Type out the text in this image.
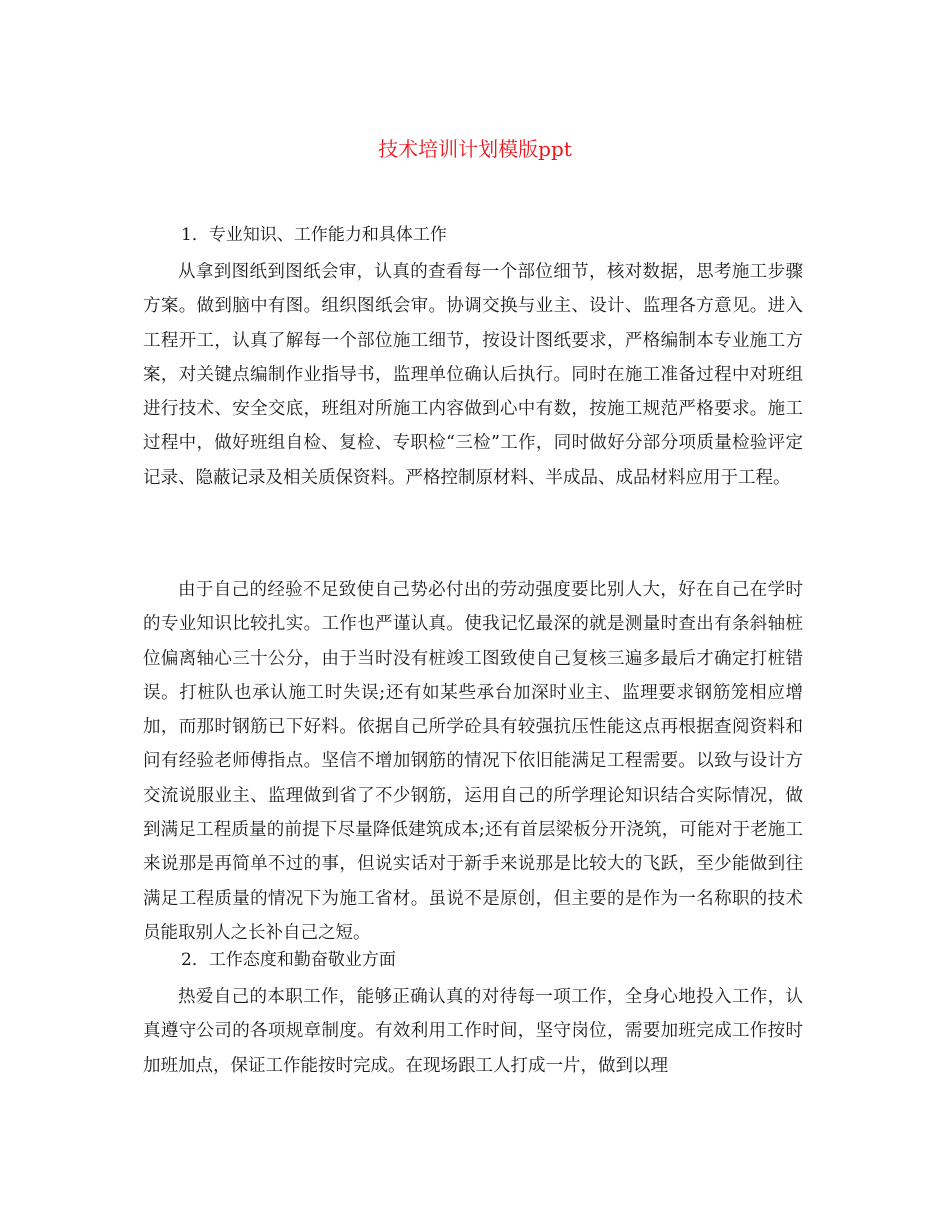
技术培训计划模版ppt
1．专业知识、工作能力和具体工作
从拿到图纸到图纸会审，认真的查看每一个部位细节，核对数据，思考施工步骤方案。做到脑中有图。组织图纸会审。协调交换与业主、设计、监理各方意见。进入工程开工，认真了解每一个部位施工细节，按设计图纸要求，严格编制本专业施工方案，对关键点编制作业指导书，监理单位确认后执行。同时在施工准备过程中对班组进行技术、安全交底，班组对所施工内容做到心中有数，按施工规范严格要求。施工过程中，做好班组自检、复检、专职检“三检”工作，同时做好分部分项质量检验评定记录、隐蔽记录及相关质保资料。严格控制原材料、半成品、成品材料应用于工程。
由于自己的经验不足致使自己势必付出的劳动强度要比别人大，好在自己在学时的专业知识比较扎实。工作也严谨认真。使我记忆最深的就是测量时查出有条斜轴桩位偏离轴心三十公分，由于当时没有桩竣工图致使自己复核三遍多最后才确定打桩错误。打桩队也承认施工时失误;还有如某些承台加深时业主、监理要求钢筋笼相应增加，而那时钢筋已下好料。依据自己所学砼具有较强抗压性能这点再根据查阅资料和问有经验老师傅指点。坚信不增加钢筋的情况下依旧能满足工程需要。以致与设计方交流说服业主、监理做到省了不少钢筋，运用自己的所学理论知识结合实际情况，做到满足工程质量的前提下尽量降低建筑成本;还有首层梁板分开浇筑，可能对于老施工来说那是再简单不过的事，但说实话对于新手来说那是比较大的飞跃，至少能做到往满足工程质量的情况下为施工省材。虽说不是原创，但主要的是作为一名称职的技术员能取别人之长补自己之短。
2．工作态度和勤奋敬业方面
热爱自己的本职工作，能够正确认真的对待每一项工作，全身心地投入工作，认真遵守公司的各项规章制度。有效利用工作时间，坚守岗位，需要加班完成工作按时加班加点，保证工作能按时完成。在现场跟工人打成一片，做到以理
